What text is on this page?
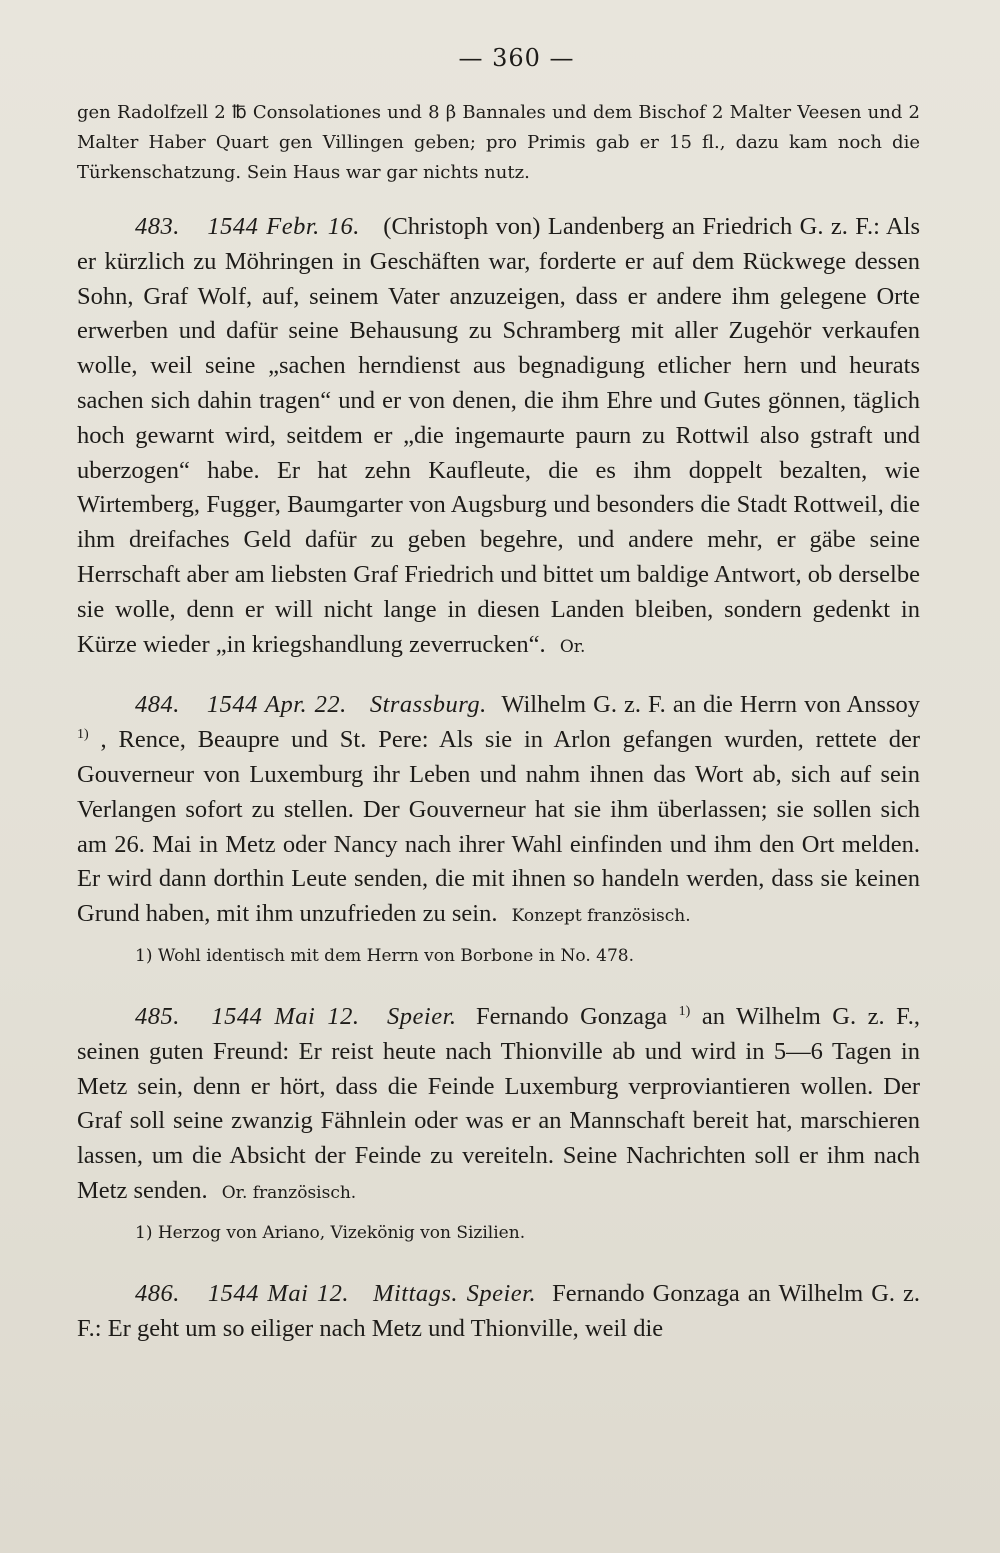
— 360 —

gen Radolfzell 2 ℔ Consolationes und 8 β Bannales und dem Bischof 2 Malter Veesen und 2 Malter Haber Quart gen Villingen geben; pro Primis gab er 15 fl., dazu kam noch die Türkenschatzung. Sein Haus war gar nichts nutz.

483. 1544 Febr. 16. (Christoph von) Landenberg an Friedrich G. z. F.: Als er kürzlich zu Möhringen in Geschäften war, forderte er auf dem Rückwege dessen Sohn, Graf Wolf, auf, seinem Vater anzuzeigen, dass er andere ihm gelegene Orte erwerben und dafür seine Behausung zu Schramberg mit aller Zugehör verkaufen wolle, weil seine „sachen herndienst aus begnadigung etlicher hern und heurats sachen sich dahin tragen“ und er von denen, die ihm Ehre und Gutes gönnen, täglich hoch gewarnt wird, seitdem er „die ingemaurte paurn zu Rottwil also gstraft und uberzogen“ habe. Er hat zehn Kaufleute, die es ihm doppelt bezalten, wie Wirtemberg, Fugger, Baumgarter von Augsburg und besonders die Stadt Rottweil, die ihm dreifaches Geld dafür zu geben begehre, und andere mehr, er gäbe seine Herrschaft aber am liebsten Graf Friedrich und bittet um baldige Antwort, ob derselbe sie wolle, denn er will nicht lange in diesen Landen bleiben, sondern gedenkt in Kürze wieder „in kriegshandlung zeverrucken“. Or.

484. 1544 Apr. 22. Strassburg. Wilhelm G. z. F. an die Herrn von Anssoy $^{1)}$ , Rence, Beaupre und St. Pere: Als sie in Arlon gefangen wurden, rettete der Gouverneur von Luxemburg ihr Leben und nahm ihnen das Wort ab, sich auf sein Verlangen sofort zu stellen. Der Gouverneur hat sie ihm überlassen; sie sollen sich am 26. Mai in Metz oder Nancy nach ihrer Wahl einfinden und ihm den Ort melden. Er wird dann dorthin Leute senden, die mit ihnen so handeln werden, dass sie keinen Grund haben, mit ihm unzufrieden zu sein. Konzept französisch.

1) Wohl identisch mit dem Herrn von Borbone in No. 478.

485. 1544 Mai 12. Speier. Fernando Gonzaga $^{1)}$ an Wilhelm G. z. F., seinen guten Freund: Er reist heute nach Thionville ab und wird in 5—6 Tagen in Metz sein, denn er hört, dass die Feinde Luxemburg verproviantieren wollen. Der Graf soll seine zwanzig Fähnlein oder was er an Mannschaft bereit hat, marschieren lassen, um die Absicht der Feinde zu vereiteln. Seine Nachrichten soll er ihm nach Metz senden. Or. französisch.

1) Herzog von Ariano, Vizekönig von Sizilien.

486. 1544 Mai 12. Mittags. Speier. Fernando Gonzaga an Wilhelm G. z. F.: Er geht um so eiliger nach Metz und Thionville, weil die
